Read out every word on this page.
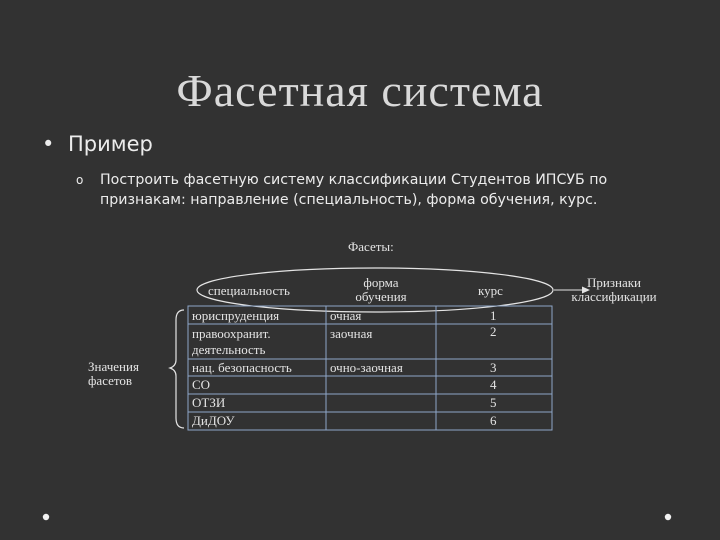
Фасетная система
• Пример
o Построить фасетную систему классификации Студентов ИПСУБ по
признакам: направление (специальность), форма обучения, курс.
Фасеты:
специальность
форма
обучения	курс
Признаки
классификации
Значения
фасетов
юриспруденция
правоохранит.
деятельность
нац. безопасность
СО
ОТЗИ
ДиДОУ
очная
заочная
очно-заочная
1
2
3
4
5
6
